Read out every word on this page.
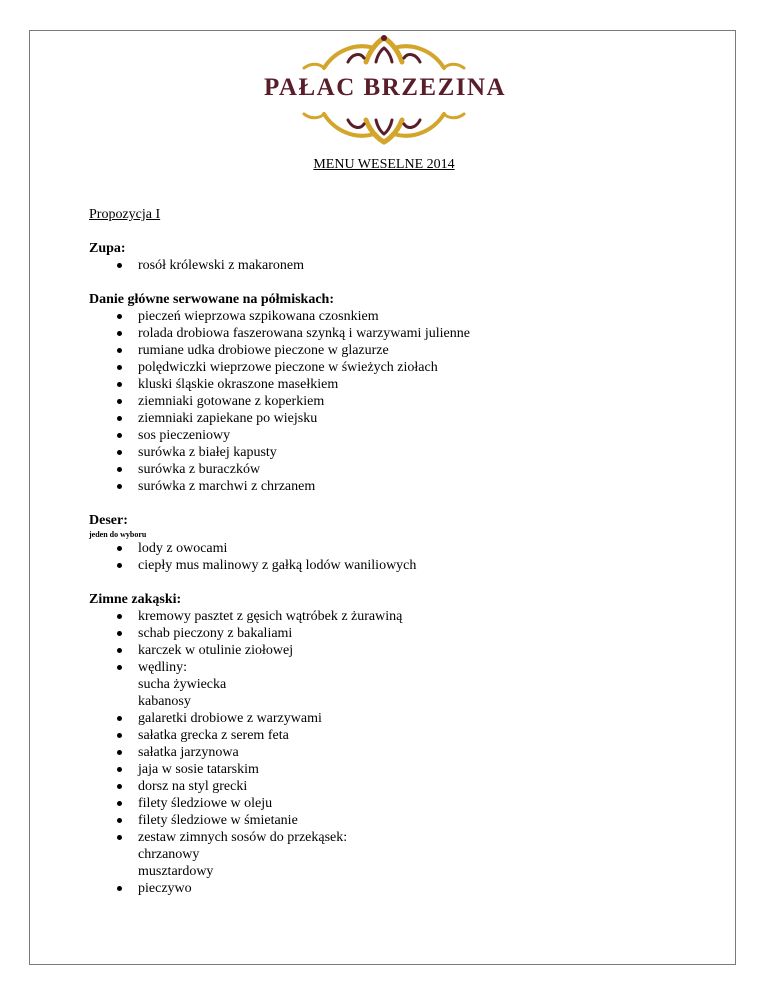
PAŁAC BRZEZINA
MENU WESELNE 2014
Propozycja I
Zupa:
rosół królewski z makaronem
Danie główne serwowane na półmiskach:
pieczeń wieprzowa szpikowana czosnkiem
rolada drobiowa faszerowana szynką i warzywami julienne
rumiane udka drobiowe pieczone w glazurze
polędwiczki wieprzowe pieczone w świeżych ziołach
kluski śląskie okraszone masełkiem
ziemniaki gotowane z koperkiem
ziemniaki zapiekane po wiejsku
sos pieczeniowy
surówka z białej kapusty
surówka z buraczków
surówka z marchwi z chrzanem
Deser:
jeden do wyboru
lody z owocami
ciepły mus malinowy z gałką lodów waniliowych
Zimne zakąski:
kremowy pasztet z gęsich wątróbek z żurawiną
schab pieczony z bakaliami
karczek w otulinie ziołowej
wędliny:
sucha żywiecka
kabanosy
galaretki drobiowe z warzywami
sałatka grecka z serem feta
sałatka jarzynowa
jaja w sosie tatarskim
dorsz na styl grecki
filety śledziowe w oleju
filety śledziowe w śmietanie
zestaw zimnych sosów do przekąsek:
chrzanowy
musztardowy
pieczywo
